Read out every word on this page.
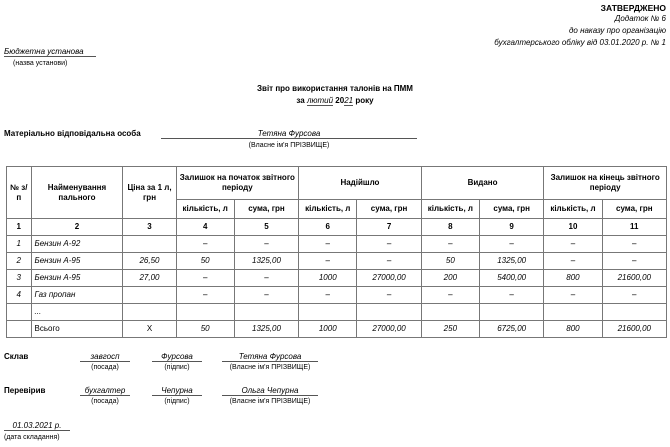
ЗАТВЕРДЖЕНО
Додаток № 6
до наказу про організацію
бухгалтерського обліку від 03.01.2020 р. № 1
Бюджетна установа
(назва установи)
Звіт про використання талонів на ПММ
за лютий 2021 року
Матеріально відповідальна особа	Тетяна Фурсова
(Власне ім'я ПРІЗВИЩЕ)
№ з/п	Найменування пального	Ціна за 1 л, грн	Залишок на початок звітного періоду		Надійшло		Видано		Залишок на кінець звітного періоду	
			кількість, л	сума, грн	кількість, л	сума, грн	кількість, л	сума, грн	кількість, л	сума, грн
1	2	3	4	5	6	7	8	9	10	11
1	Бензин А-92		–	–	–	–	–	–	–	–
2	Бензин А-95	26,50	50	1325,00	–	–	50	1325,00	–	–
3	Бензин А-95	27,00	–	–	1000	27000,00	200	5400,00	800	21600,00
4	Газ пропан		–	–	–	–	–	–	–	–
	...									
	Всього	Х	50	1325,00	1000	27000,00	250	6725,00	800	21600,00
Склав	завгосп	Фурсова	Тетяна Фурсова
(посада)	(підпис)	(Власне ім'я ПРІЗВИЩЕ)
Перевірив	бухгалтер	Чепурна	Ольга Чепурна
(посада)	(підпис)	(Власне ім'я ПРІЗВИЩЕ)
01.03.2021 р.
(дата складання)
